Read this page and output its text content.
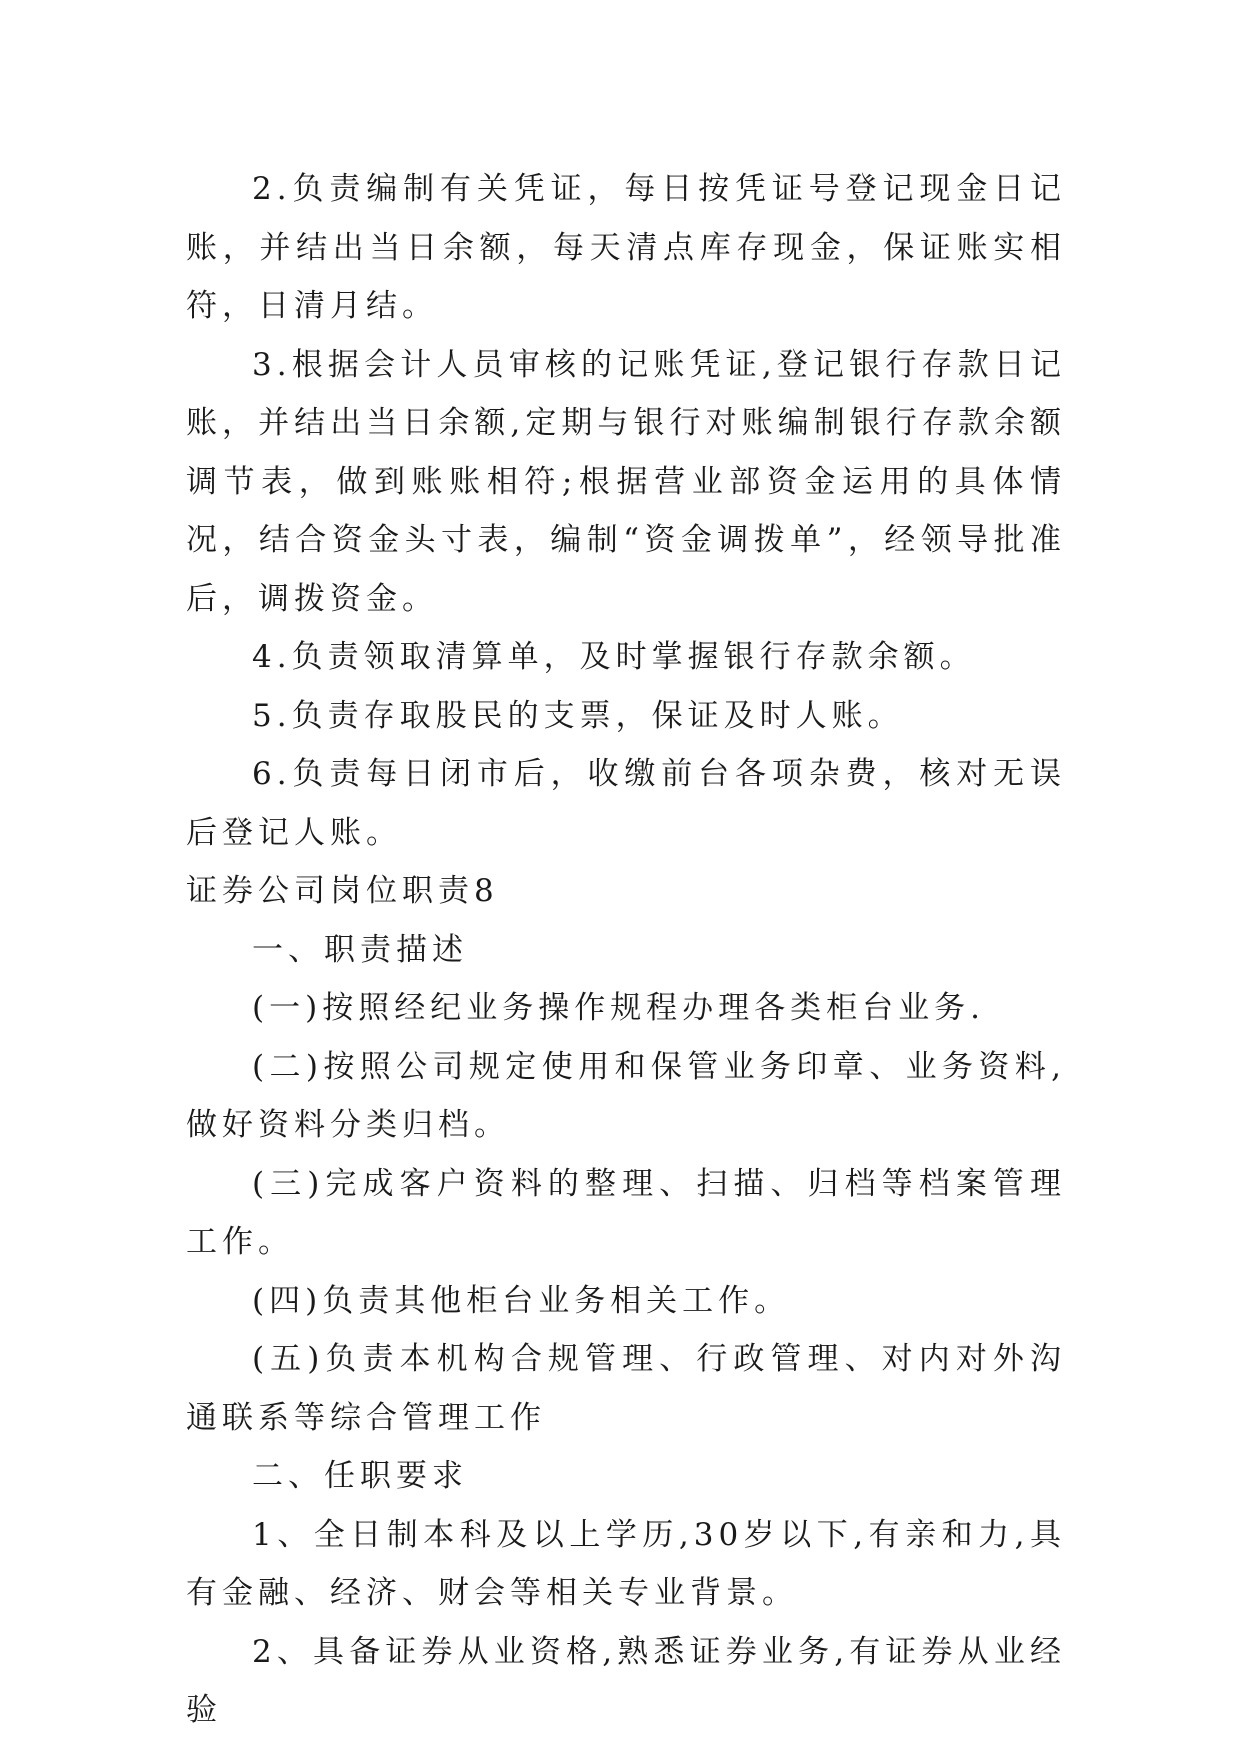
2.负责编制有关凭证，每日按凭证号登记现金日记账，并结出当日余额，每天清点库存现金，保证账实相符，日清月结。

3.根据会计人员审核的记账凭证,登记银行存款日记账，并结出当日余额,定期与银行对账编制银行存款余额调节表，做到账账相符;根据营业部资金运用的具体情况，结合资金头寸表，编制“资金调拨单”，经领导批准后，调拨资金。

4.负责领取清算单，及时掌握银行存款余额。

5.负责存取股民的支票，保证及时人账。

6.负责每日闭市后，收缴前台各项杂费，核对无误后登记人账。

证券公司岗位职责8

一、职责描述

(一)按照经纪业务操作规程办理各类柜台业务.

(二)按照公司规定使用和保管业务印章、业务资料,做好资料分类归档。

(三)完成客户资料的整理、扫描、归档等档案管理工作。

(四)负责其他柜台业务相关工作。

(五)负责本机构合规管理、行政管理、对内对外沟通联系等综合管理工作

二、任职要求

1、全日制本科及以上学历,30岁以下,有亲和力,具有金融、经济、财会等相关专业背景。

2、具备证券从业资格,熟悉证券业务,有证券从业经验
